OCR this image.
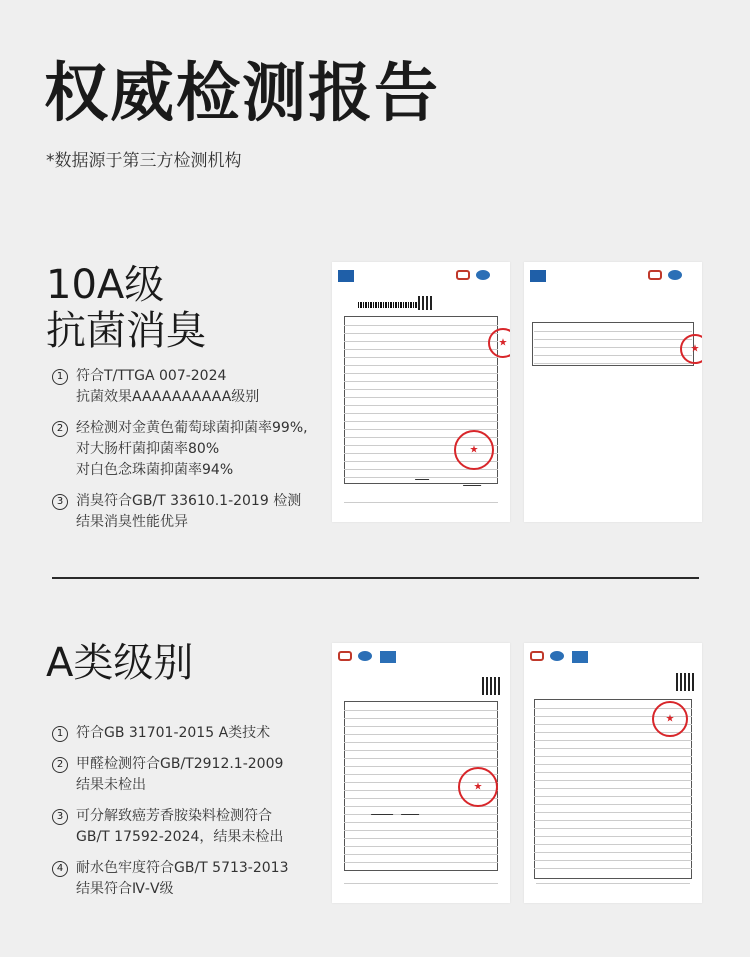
权威检测报告
*数据源于第三方检测机构
10A级
抗菌消臭
1 符合T/TTGA 007-2024
抗菌效果AAAAAAAAAA级别
2 经检测对金黄色葡萄球菌抑菌率99%,
对大肠杆菌抑菌率80%
对白色念珠菌抑菌率94%
3 消臭符合GB/T 33610.1-2019 检测
结果消臭性能优异
★
★
★
A类级别
1 符合GB 31701-2015 A类技术
2 甲醛检测符合GB/T2912.1-2009
结果未检出
3 可分解致癌芳香胺染料检测符合
GB/T 17592-2024，结果未检出
4 耐水色牢度符合GB/T 5713-2013
结果符合Ⅳ-Ⅴ级
★
★
